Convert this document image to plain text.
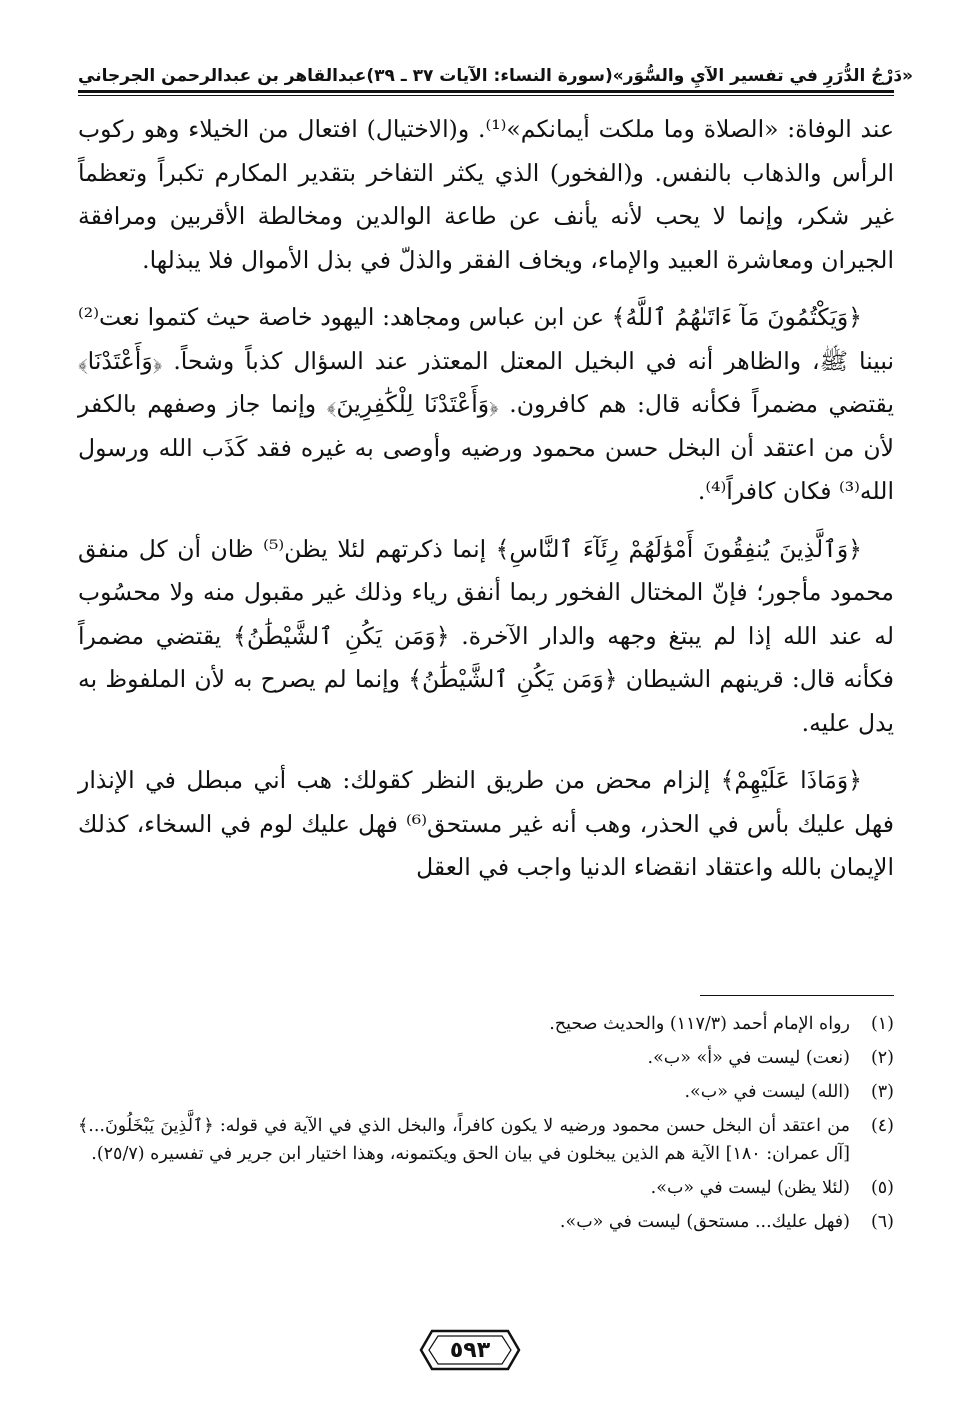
عبدالقاهر بن عبدالرحمن الجرجاني (سورة النساء: الآيات ٣٧ ـ ٣٩) «دَرْجُ الدُّرَرِ في تفسير الآيِ والسُّوَر»

عند الوفاة: «الصلاة وما ملكت أيمانكم»⁽¹⁾. و(الاختيال) افتعال من الخيلاء وهو ركوب الرأس والذهاب بالنفس. و(الفخور) الذي يكثر التفاخر بتقدير المكارم تكبراً وتعظماً غير شكر، وإنما لا يحب لأنه يأنف عن طاعة الوالدين ومخالطة الأقربين ومرافقة الجيران ومعاشرة العبيد والإماء، ويخاف الفقر والذلّ في بذل الأموال فلا يبذلها.

﴿وَيَكْتُمُونَ مَآ ءَاتَىٰهُمُ ٱللَّهُ﴾ عن ابن عباس ومجاهد: اليهود خاصة حيث كتموا نعت⁽²⁾ نبينا ﷺ، والظاهر أنه في البخيل المعتل المعتذر عند السؤال كذباً وشحاً. ﴿وَأَعْتَدْنَا﴾ يقتضي مضمراً فكأنه قال: هم كافرون. ﴿وَأَعْتَدْنَا لِلْكَٰفِرِينَ﴾ وإنما جاز وصفهم بالكفر لأن من اعتقد أن البخل حسن محمود ورضيه وأوصى به غيره فقد كَذَب الله ورسول الله⁽³⁾ فكان كافراً⁽⁴⁾.

﴿وَٱلَّذِينَ يُنفِقُونَ أَمْوَٰلَهُمْ رِئَآءَ ٱلنَّاسِ﴾ إنما ذكرتهم لئلا يظن⁽⁵⁾ ظان أن كل منفق محمود مأجور؛ فإنّ المختال الفخور ربما أنفق رياء وذلك غير مقبول منه ولا محسُوب له عند الله إذا لم يبتغ وجهه والدار الآخرة. ﴿وَمَن يَكُنِ ٱلشَّيْطَٰنُ﴾ يقتضي مضمراً فكأنه قال: قرينهم الشيطان ﴿وَمَن يَكُنِ ٱلشَّيْطَٰنُ﴾ وإنما لم يصرح به لأن الملفوظ به يدل عليه.

﴿وَمَاذَا عَلَيْهِمْ﴾ إلزام محض من طريق النظر كقولك: هب أني مبطل في الإنذار فهل عليك بأس في الحذر، وهب أنه غير مستحق⁽⁶⁾ فهل عليك لوم في السخاء، كذلك الإيمان بالله واعتقاد انقضاء الدنيا واجب في العقل

(١)
رواه الإمام أحمد (١١٧/٣) والحديث صحيح.
(٢)
(نعت) ليست في «أ» «ب».
(٣)
(الله) ليست في «ب».
(٤)
من اعتقد أن البخل حسن محمود ورضيه لا يكون كافراً، والبخل الذي في الآية في قوله: ﴿ٱلَّذِينَ يَبْخَلُونَ...﴾ [آل عمران: ١٨٠] الآية هم الذين يبخلون في بيان الحق ويكتمونه، وهذا اختيار ابن جرير في تفسيره (٢٥/٧).
(٥)
(لئلا يظن) ليست في «ب».
(٦)
(فهل عليك... مستحق) ليست في «ب».
٥٩٣
